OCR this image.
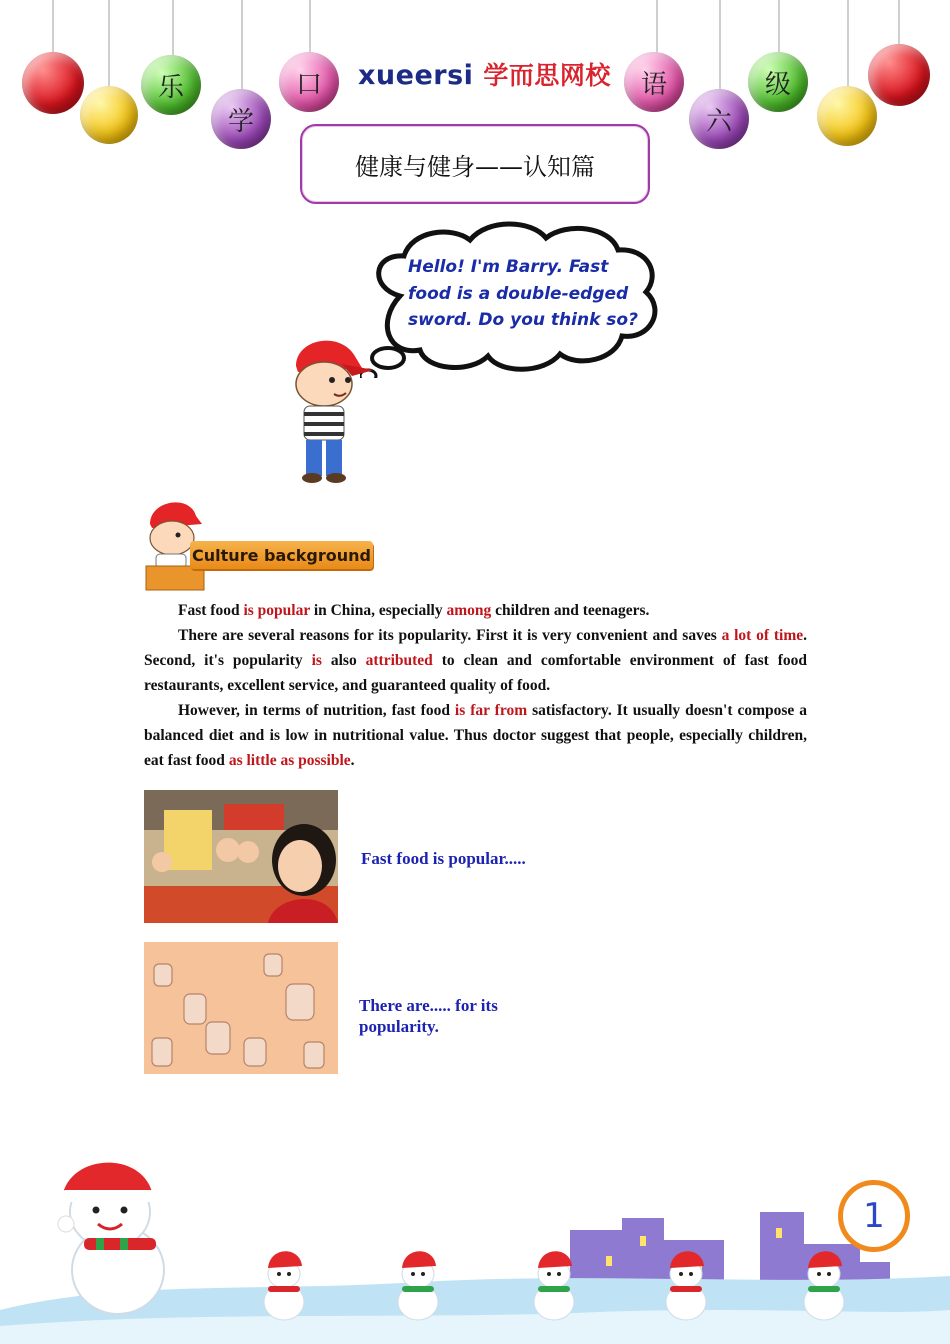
乐
学
口	语
六
级
xueersi 学而思网校
健康与健身——认知篇
Hello! I'm Barry. Fast
food is a double-edged
sword. Do you think so?
Culture background

Fast food is popular in China, especially among children and teenagers.

There are several reasons for its popularity. First it is very convenient and saves a lot of time. Second, it's popularity is also attributed to clean and comfortable environment of fast food restaurants, excellent service, and guaranteed quality of food.

However, in terms of nutrition, fast food is far from satisfactory. It usually doesn't compose a balanced diet and is low in nutritional value. Thus doctor suggest that people, especially children, eat fast food as little as possible.

Fast food is popular.....
There are..... for its
popularity.
1
